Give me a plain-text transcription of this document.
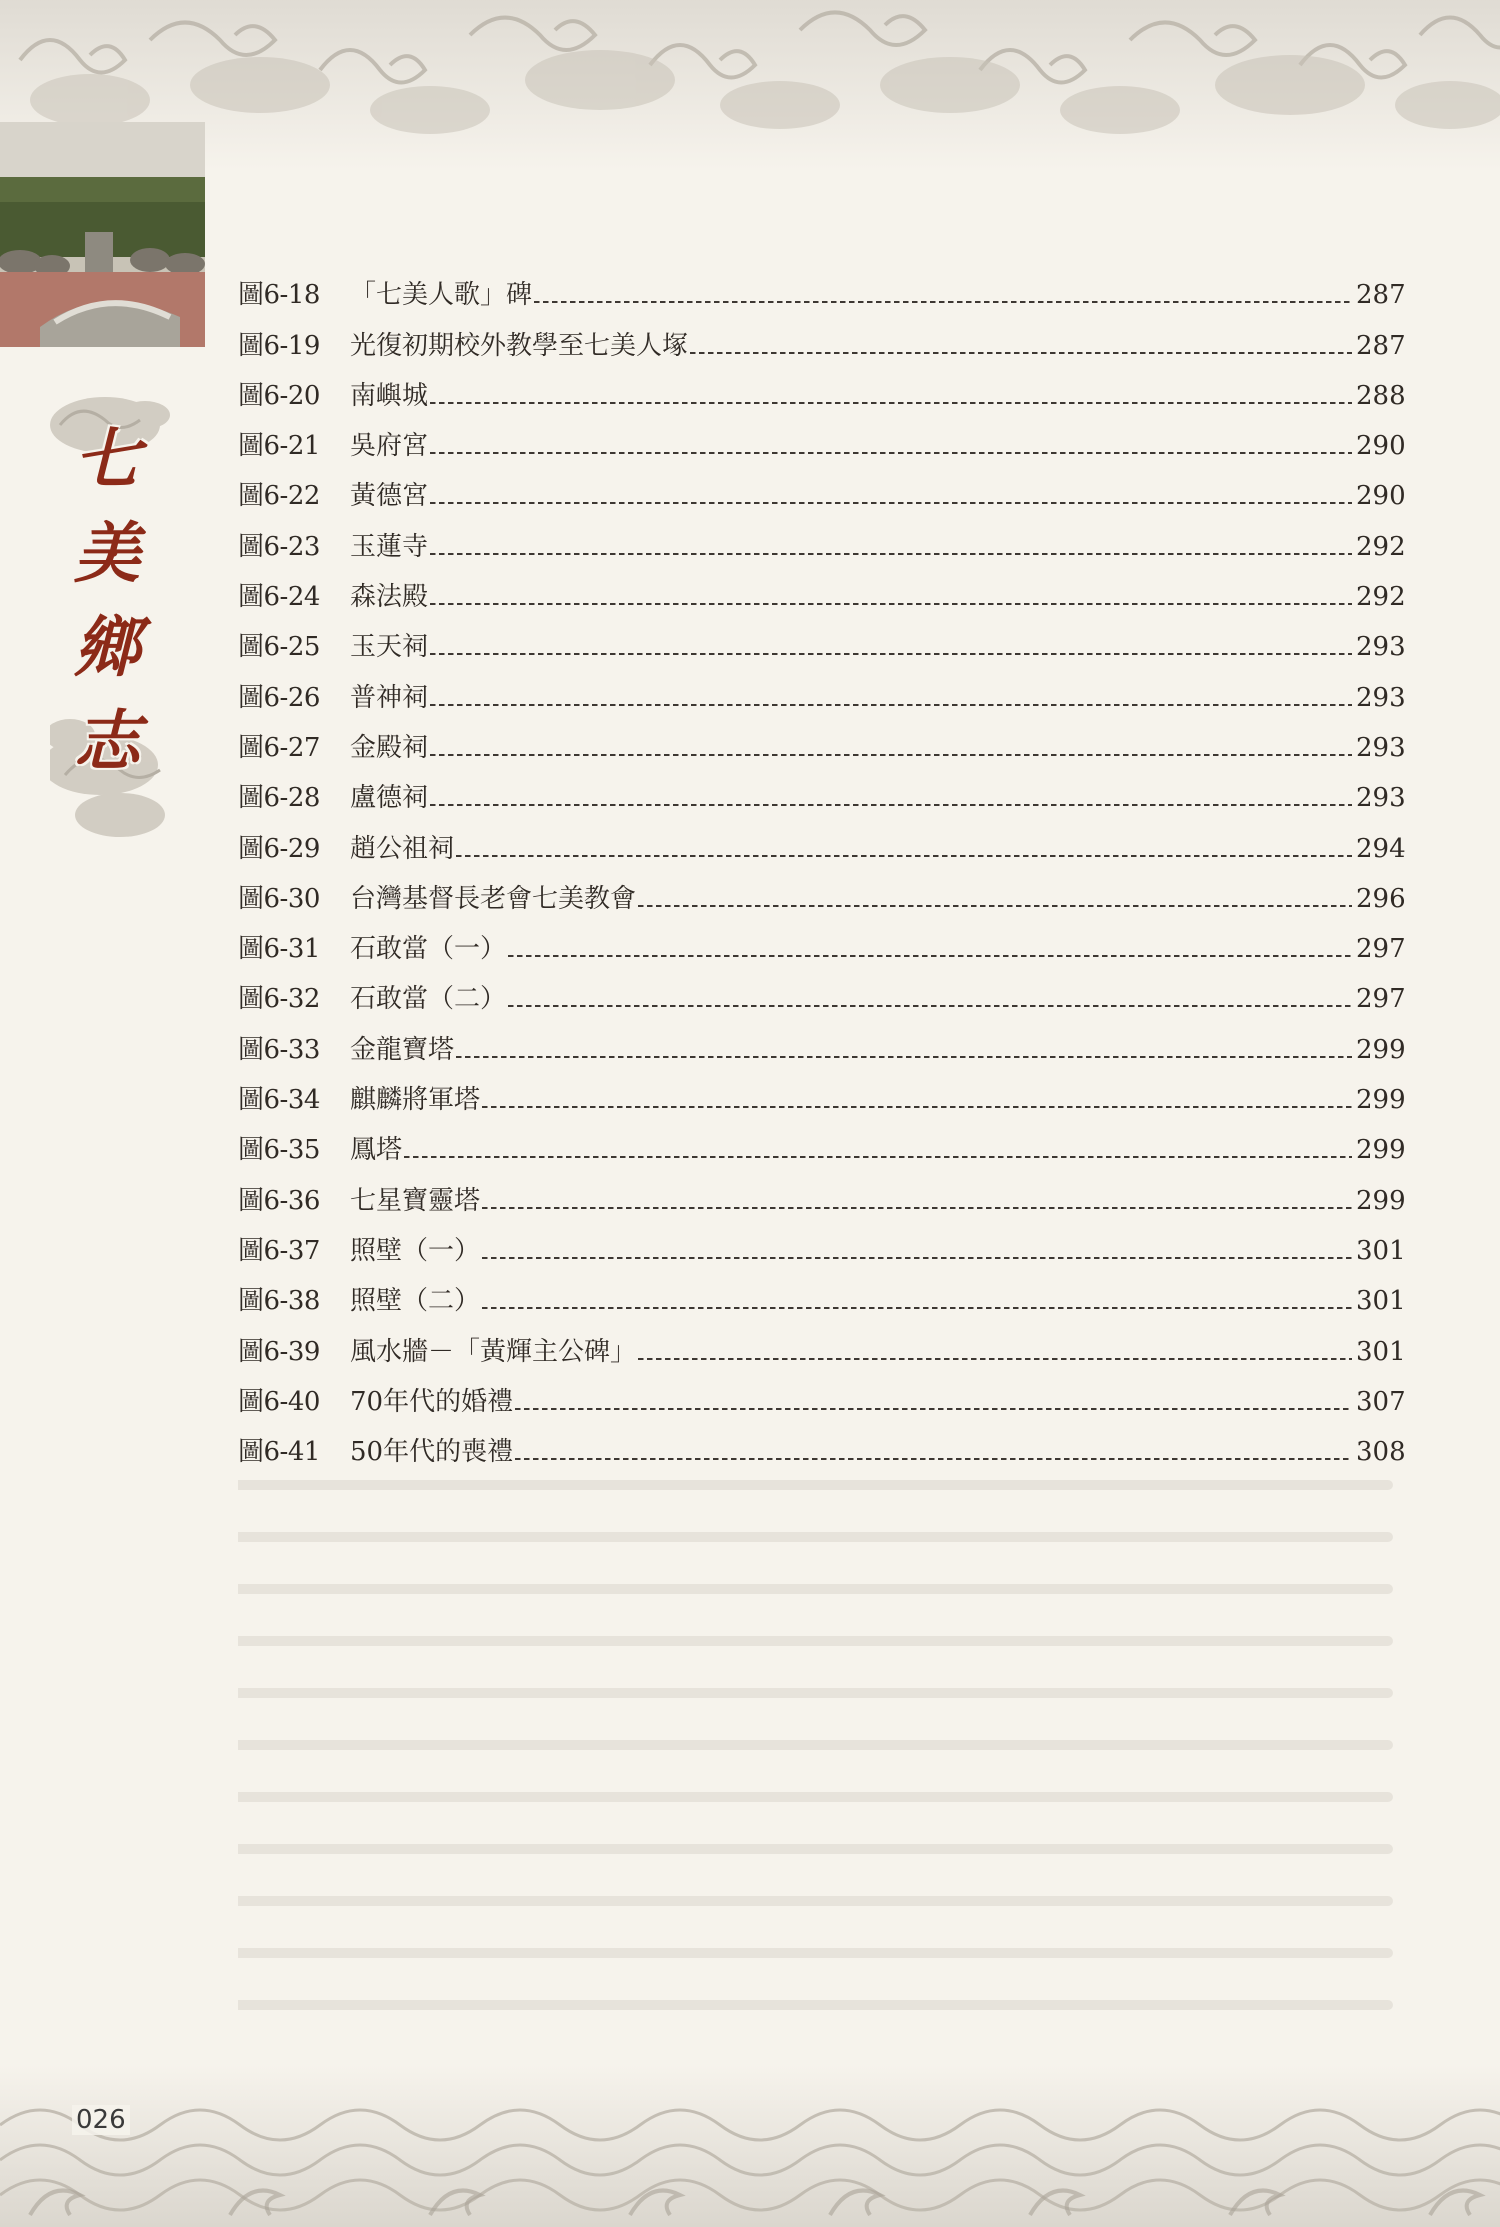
七
美
鄉
志
圖6-18	「七美人歌」碑	287
圖6-19	光復初期校外教學至七美人塚	287
圖6-20	南嶼城	288
圖6-21	吳府宮	290
圖6-22	黃德宮	290
圖6-23	玉蓮寺	292
圖6-24	森法殿	292
圖6-25	玉天祠	293
圖6-26	普神祠	293
圖6-27	金殿祠	293
圖6-28	盧德祠	293
圖6-29	趙公祖祠	294
圖6-30	台灣基督長老會七美教會	296
圖6-31	石敢當（一）	297
圖6-32	石敢當（二）	297
圖6-33	金龍寶塔	299
圖6-34	麒麟將軍塔	299
圖6-35	鳳塔	299
圖6-36	七星寶靈塔	299
圖6-37	照壁（一）	301
圖6-38	照壁（二）	301
圖6-39	風水牆－「黃輝主公碑」	301
圖6-40	70年代的婚禮	307
圖6-41	50年代的喪禮	308
026
